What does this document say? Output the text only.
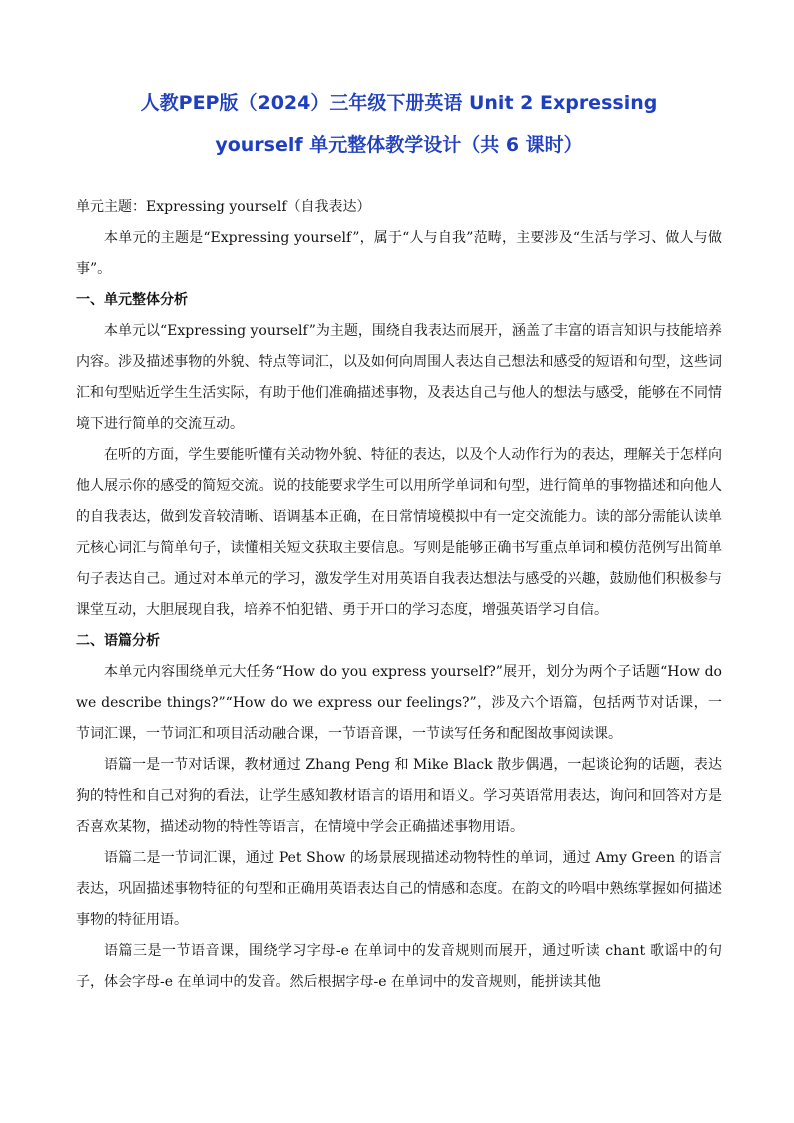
人教PEP版（2024）三年级下册英语 Unit 2 Expressing
yourself 单元整体教学设计（共 6 课时）

单元主题：Expressing yourself（自我表达）

本单元的主题是“Expressing yourself”，属于“人与自我”范畴，主要涉及“生活与学习、做人与做事”。

一、单元整体分析

本单元以“Expressing yourself”为主题，围绕自我表达而展开，涵盖了丰富的语言知识与技能培养内容。涉及描述事物的外貌、特点等词汇，以及如何向周围人表达自己想法和感受的短语和句型，这些词汇和句型贴近学生生活实际，有助于他们准确描述事物，及表达自己与他人的想法与感受，能够在不同情境下进行简单的交流互动。

在听的方面，学生要能听懂有关动物外貌、特征的表达，以及个人动作行为的表达，理解关于怎样向他人展示你的感受的简短交流。说的技能要求学生可以用所学单词和句型，进行简单的事物描述和向他人的自我表达，做到发音较清晰、语调基本正确，在日常情境模拟中有一定交流能力。读的部分需能认读单元核心词汇与简单句子，读懂相关短文获取主要信息。写则是能够正确书写重点单词和模仿范例写出简单句子表达自己。通过对本单元的学习，激发学生对用英语自我表达想法与感受的兴趣，鼓励他们积极参与课堂互动，大胆展现自我，培养不怕犯错、勇于开口的学习态度，增强英语学习自信。

二、语篇分析

本单元内容围绕单元大任务“How do you express yourself?”展开，划分为两个子话题“How do we describe things?”“How do we express our feelings?”，涉及六个语篇，包括两节对话课，一节词汇课，一节词汇和项目活动融合课，一节语音课，一节读写任务和配图故事阅读课。

语篇一是一节对话课，教材通过 Zhang Peng 和 Mike Black 散步偶遇，一起谈论狗的话题，表达狗的特性和自己对狗的看法，让学生感知教材语言的语用和语义。学习英语常用表达，询问和回答对方是否喜欢某物，描述动物的特性等语言，在情境中学会正确描述事物用语。

语篇二是一节词汇课，通过 Pet Show 的场景展现描述动物特性的单词，通过 Amy Green 的语言表达，巩固描述事物特征的句型和正确用英语表达自己的情感和态度。在韵文的吟唱中熟练掌握如何描述事物的特征用语。

语篇三是一节语音课，围绕学习字母-e 在单词中的发音规则而展开，通过听读 chant 歌谣中的句子，体会字母-e 在单词中的发音。然后根据字母-e 在单词中的发音规则，能拼读其他
